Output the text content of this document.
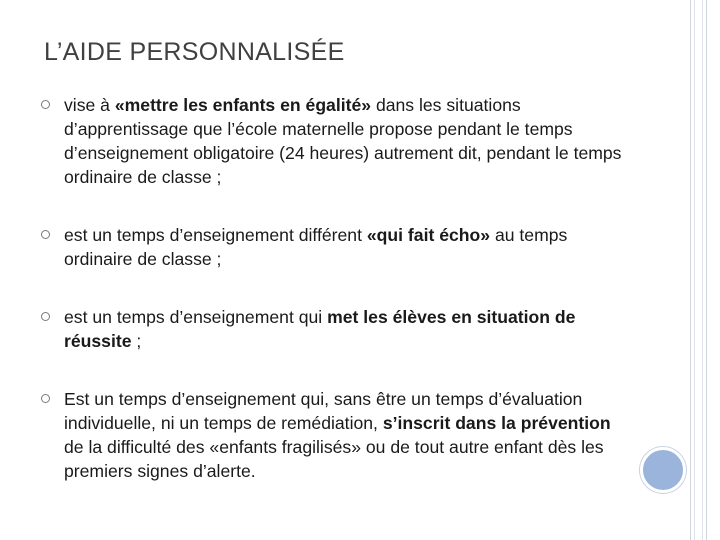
L’AIDE PERSONNALISÉE
vise à «mettre les enfants en égalité» dans les situations d’apprentissage que l’école maternelle propose pendant le temps d’enseignement obligatoire (24 heures) autrement dit, pendant le temps ordinaire de classe ;
est un temps d’enseignement différent «qui fait écho» au temps ordinaire de classe ;
est un temps d’enseignement qui met les élèves en situation de réussite ;
Est un temps d’enseignement qui, sans être un temps d’évaluation individuelle, ni un temps de remédiation, s’inscrit dans la prévention de la difficulté des «enfants fragilisés» ou de tout autre enfant dès les premiers signes d’alerte.
